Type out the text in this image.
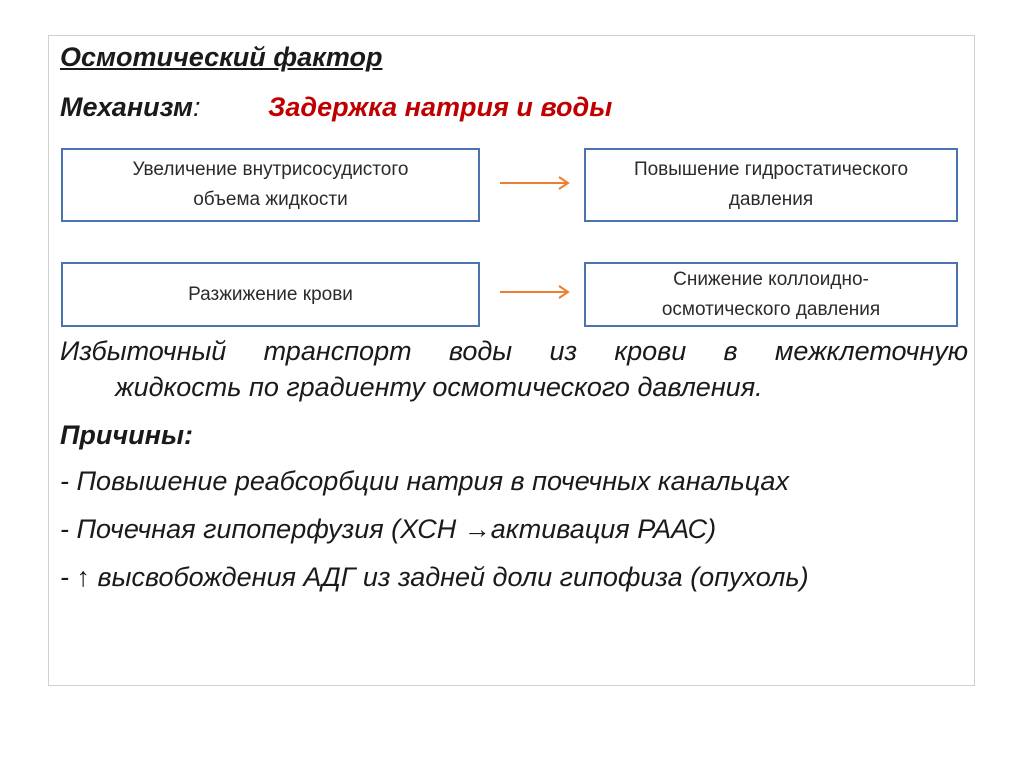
Осмотический фактор
Механизм:	Задержка натрия и воды
Увеличение внутрисосудистого
объема жидкости
Повышение гидростатического
давления
Разжижение крови
Снижение коллоидно-
осмотического давления
Избыточный транспорт воды из крови в межклеточную
жидкость по градиенту осмотического давления.
Причины:
- Повышение реабсорбции натрия в почечных канальцах
- Почечная гипоперфузия (ХСН →активация РААС)
- ↑ высвобождения АДГ из задней доли гипофиза (опухоль)
